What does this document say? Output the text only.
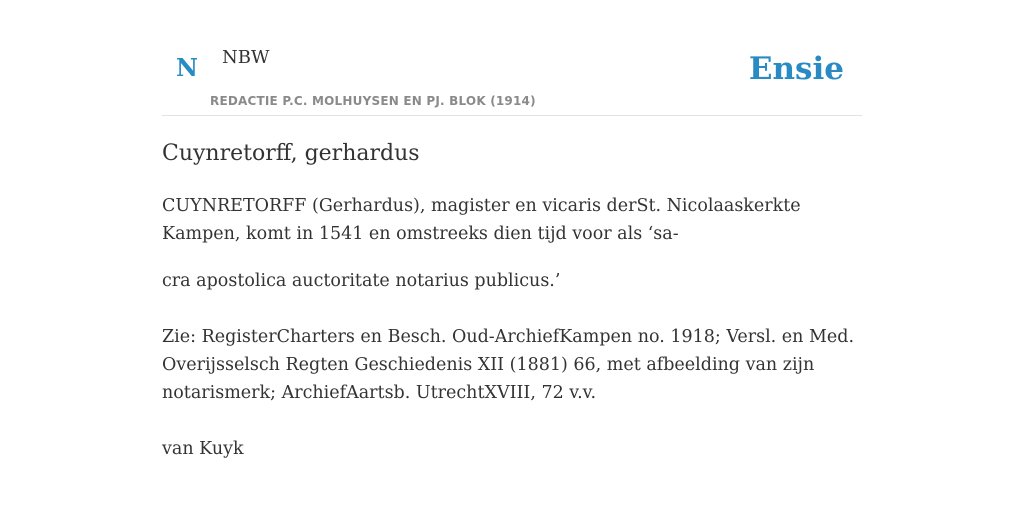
N NBW
REDACTIE P.C. MOLHUYSEN EN PJ. BLOK (1914)
Ensie
Cuynretorff, gerhardus

CUYNRETORFF (Gerhardus), magister en vicaris derSt. Nicolaaskerkte Kampen, komt in 1541 en omstreeks dien tijd voor als ‘sa-

cra apostolica auctoritate notarius publicus.’

Zie: RegisterCharters en Besch. Oud-ArchiefKampen no. 1918; Versl. en Med. Overijsselsch Regten Geschiedenis XII (1881) 66, met afbeelding van zijn notarismerk; ArchiefAartsb. UtrechtXVIII, 72 v.v.

van Kuyk
